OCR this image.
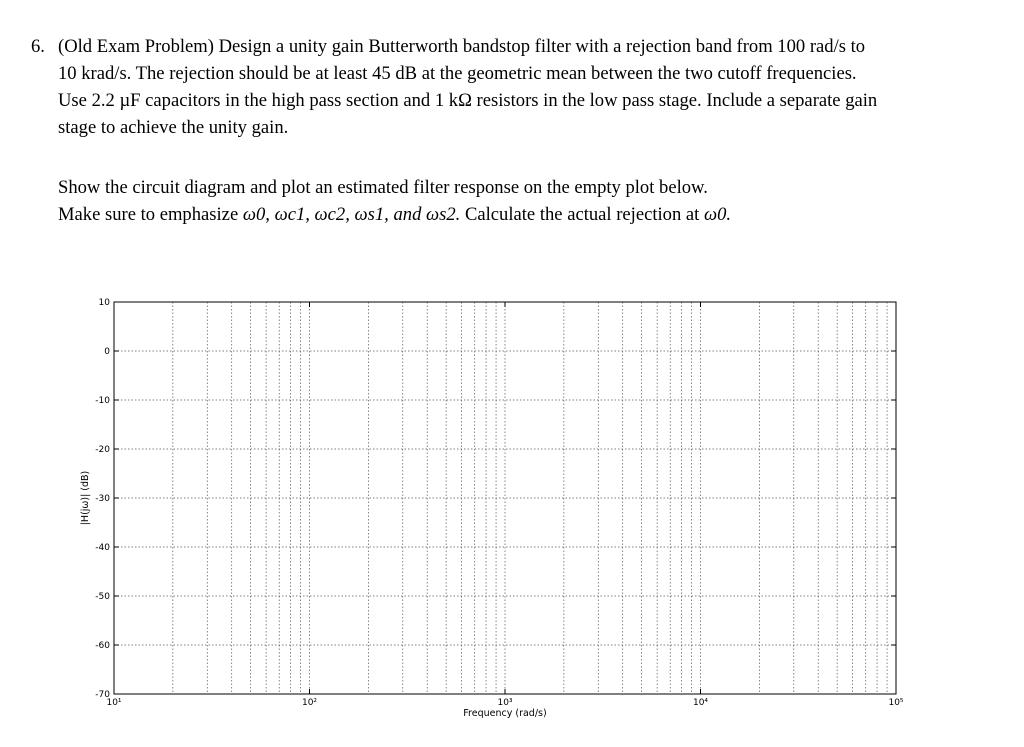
6. (Old Exam Problem) Design a unity gain Butterworth bandstop filter with a rejection band from 100 rad/s to
10 krad/s. The rejection should be at least 45 dB at the geometric mean between the two cutoff frequencies.
Use 2.2 µF capacitors in the high pass section and 1 kΩ resistors in the low pass stage. Include a separate gain
stage to achieve the unity gain.
Show the circuit diagram and plot an estimated filter response on the empty plot below.
Make sure to emphasize ω0, ωc1, ωc2, ωs1, and ωs2. Calculate the actual rejection at ω0.
10
0
-10
-20
-30
-40
-50
-60
-70
10¹	10²	10³	10⁴	10⁵
Frequency (rad/s)
|H(jω)| (dB)
